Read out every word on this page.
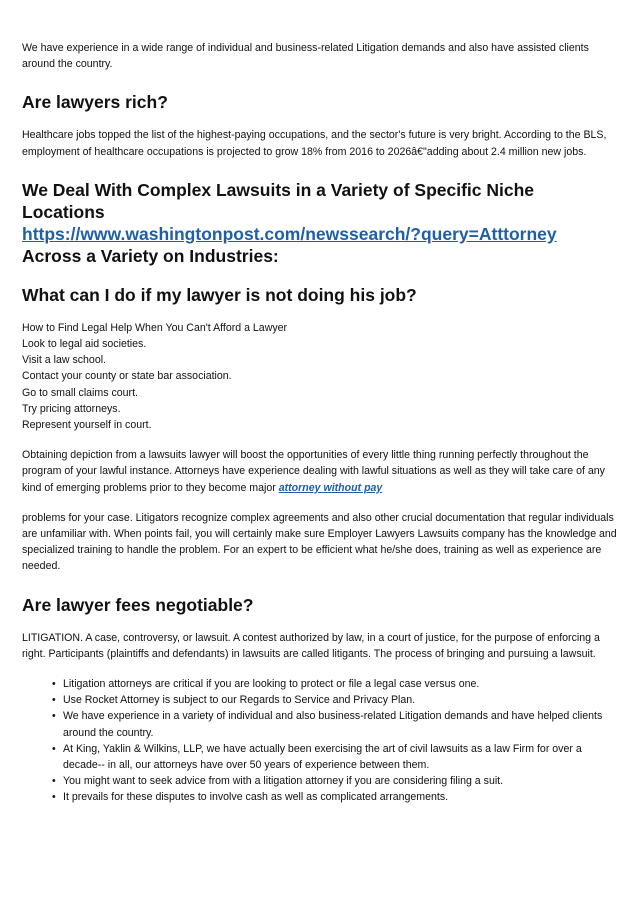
We have experience in a wide range of individual and business-related Litigation demands and also have assisted clients around the country.

Are lawyers rich?

Healthcare jobs topped the list of the highest-paying occupations, and the sector's future is very bright. According to the BLS, employment of healthcare occupations is projected to grow 18% from 2016 to 2026â€"adding about 2.4 million new jobs.

We Deal With Complex Lawsuits in a Variety of Specific Niche Locations
https://www.washingtonpost.com/newssearch/?query=Atttorney
Across a Variety on Industries:
What can I do if my lawyer is not doing his job?

How to Find Legal Help When You Can't Afford a Lawyer
Look to legal aid societies.
Visit a law school.
Contact your county or state bar association.
Go to small claims court.
Try pricing attorneys.
Represent yourself in court.

Obtaining depiction from a lawsuits lawyer will boost the opportunities of every little thing running perfectly throughout the program of your lawful instance. Attorneys have experience dealing with lawful situations as well as they will take care of any kind of emerging problems prior to they become major attorney without pay

problems for your case. Litigators recognize complex agreements and also other crucial documentation that regular individuals are unfamiliar with. When points fail, you will certainly make sure Employer Lawyers Lawsuits company has the knowledge and specialized training to handle the problem. For an expert to be efficient what he/she does, training as well as experience are needed.

Are lawyer fees negotiable?

LITIGATION. A case, controversy, or lawsuit. A contest authorized by law, in a court of justice, for the purpose of enforcing a right. Participants (plaintiffs and defendants) in lawsuits are called litigants. The process of bringing and pursuing a lawsuit.

• Litigation attorneys are critical if you are looking to protect or file a legal case versus one.
• Use Rocket Attorney is subject to our Regards to Service and Privacy Plan.
• We have experience in a variety of individual and also business-related Litigation demands and have helped clients around the country.
• At King, Yaklin & Wilkins, LLP, we have actually been exercising the art of civil lawsuits as a law Firm for over a decade-- in all, our attorneys have over 50 years of experience between them.
• You might want to seek advice from with a litigation attorney if you are considering filing a suit.
• It prevails for these disputes to involve cash as well as complicated arrangements.
